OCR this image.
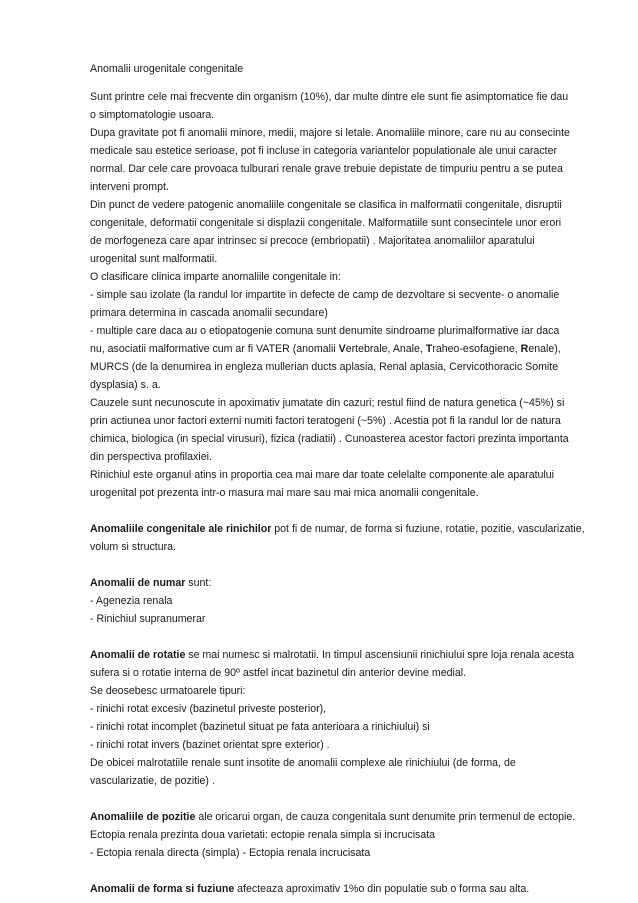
Anomalii urogenitale congenitale

Sunt printre cele mai frecvente din organism (10%), dar multe dintre ele sunt fie asimptomatice fie dau
o simptomatologie usoara.
Dupa gravitate pot fi anomalii minore, medii, majore si letale. Anomaliile minore, care nu au consecinte
medicale sau estetice serioase, pot fi incluse in categoria variantelor populationale ale unui caracter
normal. Dar cele care provoaca tulburari renale grave trebuie depistate de timpuriu pentru a se putea
interveni prompt.
Din punct de vedere patogenic anomaliile congenitale se clasifica in malformatii congenitale, disruptii
congenitale, deformatii congenitale si displazii congenitale. Malformatiile sunt consecintele unor erori
de morfogeneza care apar intrinsec si precoce (embriopatii) . Majoritatea anomaliilor aparatului
urogenital sunt malformatii.
O clasificare clinica imparte anomaliile congenitale in:
- simple sau izolate (la randul lor impartite in defecte de camp de dezvoltare si secvente- o anomalie
primara determina in cascada anomalii secundare)
- multiple care daca au o etiopatogenie comuna sunt denumite sindroame plurimalformative iar daca
nu, asociatii malformative cum ar fi VATER (anomalii Vertebrale, Anale, Traheo-esofagiene, Renale),
MURCS (de la denumirea in engleza mullerian ducts aplasia, Renal aplasia, Cervicothoracic Somite
dysplasia) s. a.
Cauzele sunt necunoscute in apoximativ jumatate din cazuri; restul fiind de natura genetica (~45%) si
prin actiunea unor factori externi numiti factori teratogeni (~5%) . Acestia pot fi la randul lor de natura
chimica, biologica (in special virusuri), fizica (radiatii) . Cunoasterea acestor factori prezinta importanta
din perspectiva profilaxiei.
Rinichiul este organul atins in proportia cea mai mare dar toate celelalte componente ale aparatului
urogenital pot prezenta intr-o masura mai mare sau mai mica anomalii congenitale.
Anomaliile congenitale ale rinichilor pot fi de numar, de forma si fuziune, rotatie, pozitie, vascularizatie,
volum si structura.
Anomalii de numar sunt:
- Agenezia renala
- Rinichiul supranumerar
Anomalii de rotatie se mai numesc si malrotatii. In timpul ascensiunii rinichiului spre loja renala acesta
sufera si o rotatie interna de 90º astfel incat bazinetul din anterior devine medial.
Se deosebesc urmatoarele tipuri:
- rinichi rotat excesiv (bazinetul priveste posterior),
- rinichi rotat incomplet (bazinetul situat pe fata anterioara a rinichiului) si
- rinichi rotat invers (bazinet orientat spre exterior) .
De obicei malrotatiile renale sunt insotite de anomalii complexe ale rinichiului (de forma, de
vascularizatie, de pozitie) .
Anomaliile de pozitie ale oricarui organ, de cauza congenitala sunt denumite prin termenul de ectopie.
Ectopia renala prezinta doua varietati: ectopie renala simpla si incrucisata
- Ectopia renala directa (simpla) - Ectopia renala incrucisata
Anomalii de forma si fuziune afecteaza aproximativ 1%o din populatie sub o forma sau alta.
